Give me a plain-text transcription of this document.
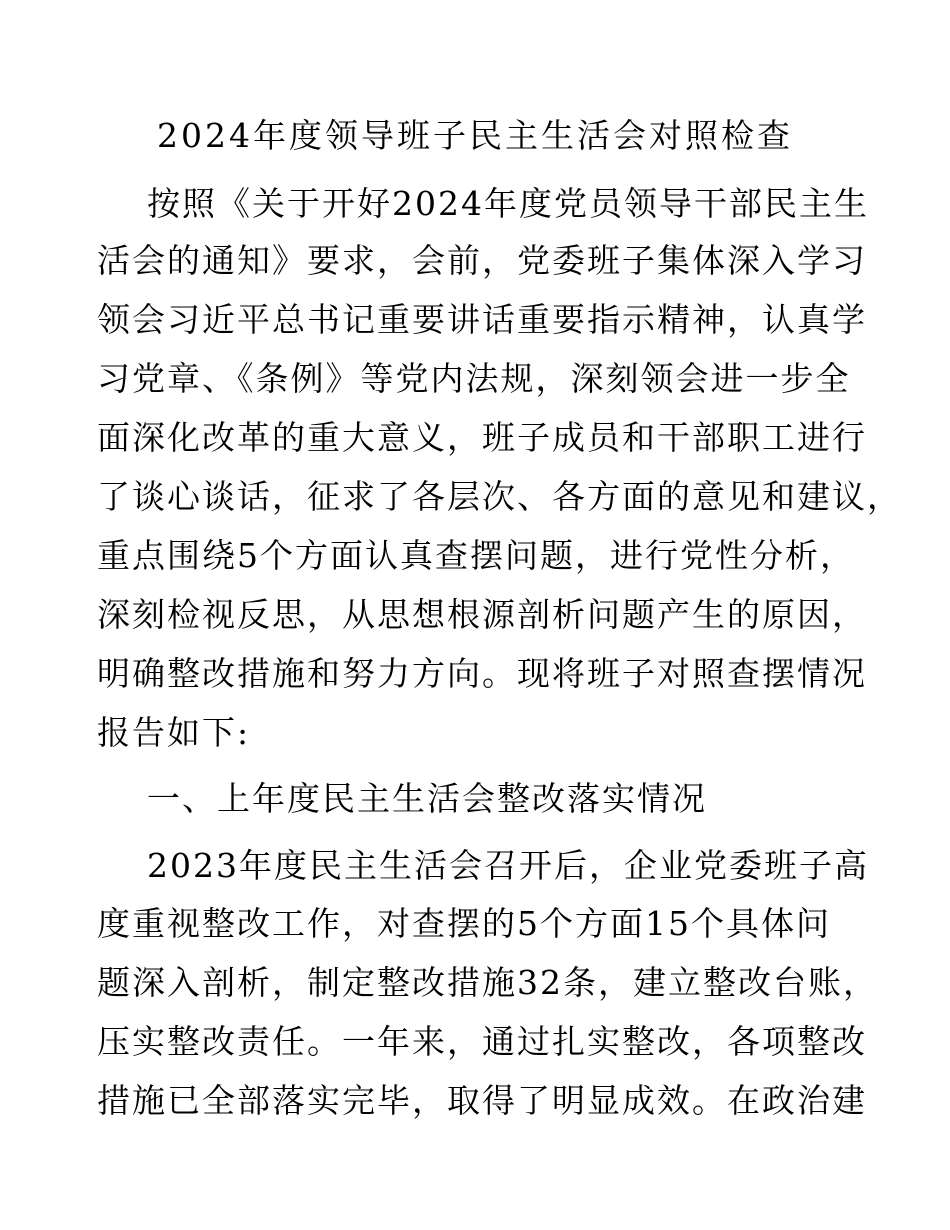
2024年度领导班子民主生活会对照检查
按照《关于开好2024年度党员领导干部民主生
活会的通知》要求，会前，党委班子集体深入学习
领会习近平总书记重要讲话重要指示精神，认真学
习党章、《条例》等党内法规，深刻领会进一步全
面深化改革的重大意义，班子成员和干部职工进行
了谈心谈话，征求了各层次、各方面的意见和建议，
重点围绕5个方面认真查摆问题，进行党性分析，
深刻检视反思，从思想根源剖析问题产生的原因，
明确整改措施和努力方向。现将班子对照查摆情况
报告如下:
一、上年度民主生活会整改落实情况
2023年度民主生活会召开后，企业党委班子高
度重视整改工作，对查摆的5个方面15个具体问
题深入剖析，制定整改措施32条，建立整改台账，
压实整改责任。一年来，通过扎实整改，各项整改
措施已全部落实完毕，取得了明显成效。在政治建
